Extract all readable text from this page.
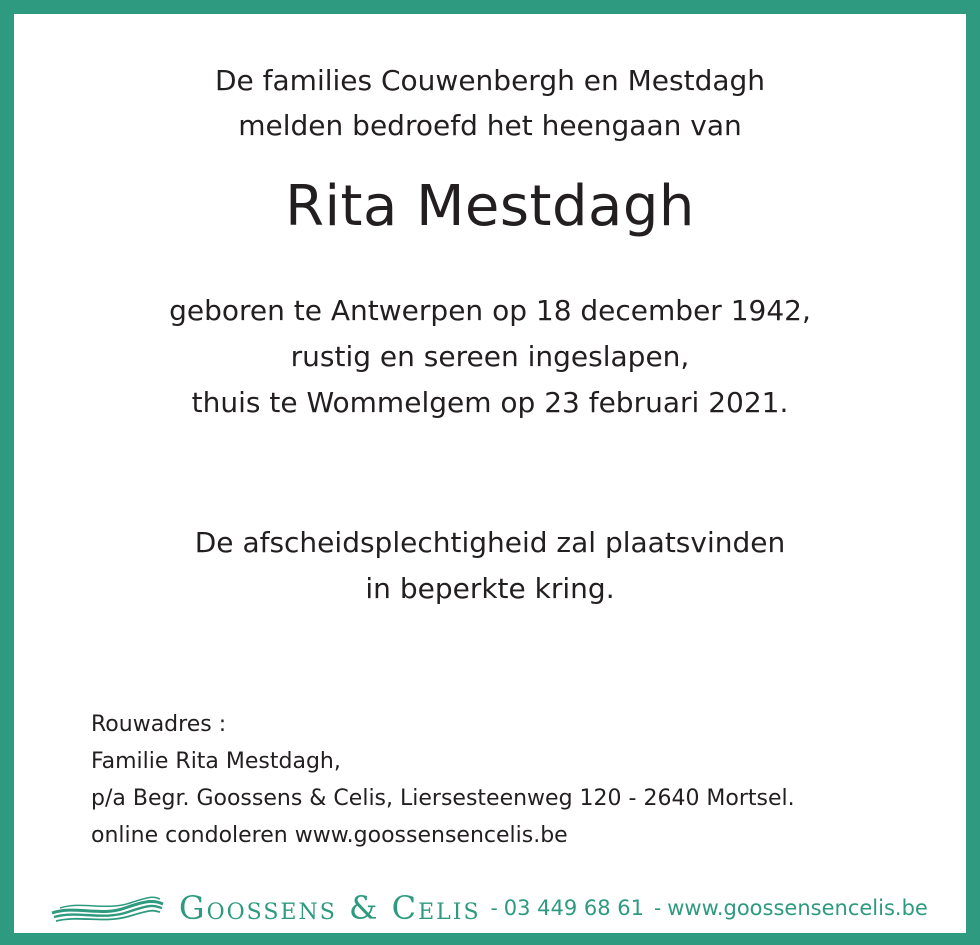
De families Couwenbergh en Mestdagh
melden bedroefd het heengaan van
Rita Mestdagh
geboren te Antwerpen op 18 december 1942,
rustig en sereen ingeslapen,
thuis te Wommelgem op 23 februari 2021.
De afscheidsplechtigheid zal plaatsvinden
in beperkte kring.
Rouwadres :
Familie Rita Mestdagh,
p/a Begr. Goossens & Celis, Liersesteenweg 120 - 2640 Mortsel.
online condoleren www.goossensencelis.be
Goossens & Celis - 03 449 68 61 - www.goossensencelis.be
